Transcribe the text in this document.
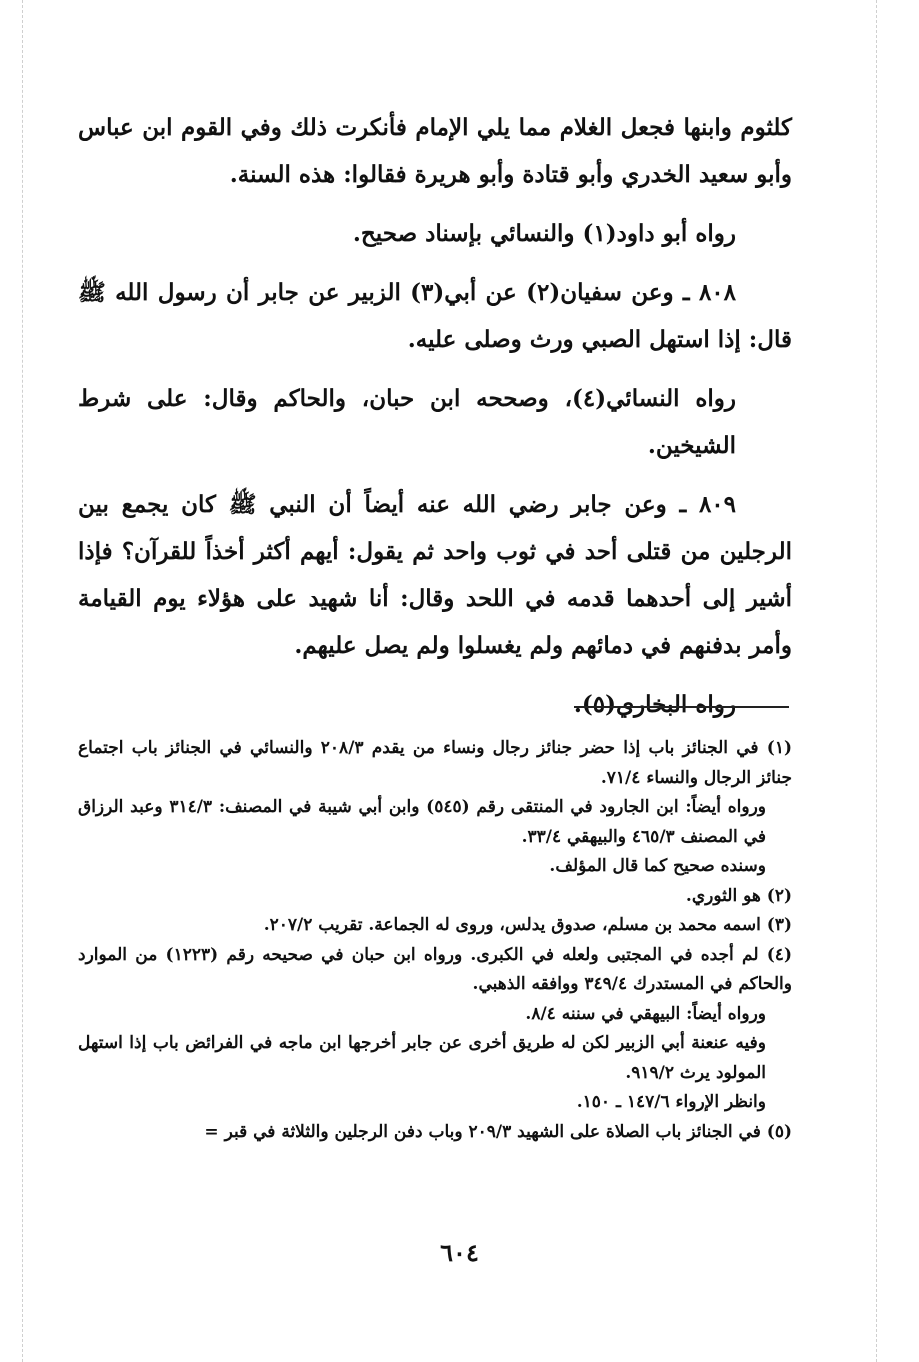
كلثوم وابنها فجعل الغلام مما يلي الإمام فأنكرت ذلك وفي القوم ابن عباس وأبو سعيد الخدري وأبو قتادة وأبو هريرة فقالوا: هذه السنة.

رواه أبو داود(١) والنسائي بإسناد صحيح.

٨٠٨ ـ وعن سفيان(٢) عن أبي(٣) الزبير عن جابر أن رسول الله ﷺ قال: إذا استهل الصبي ورث وصلى عليه.

رواه النسائي(٤)، وصححه ابن حبان، والحاكم وقال: على شرط الشيخين.

٨٠٩ ـ وعن جابر رضي الله عنه أيضاً أن النبي ﷺ كان يجمع بين الرجلين من قتلى أحد في ثوب واحد ثم يقول: أيهم أكثر أخذاً للقرآن؟ فإذا أشير إلى أحدهما قدمه في اللحد وقال: أنا شهيد على هؤلاء يوم القيامة وأمر بدفنهم في دمائهم ولم يغسلوا ولم يصل عليهم.

رواه البخاري(٥).

(١) في الجنائز باب إذا حضر جنائز رجال ونساء من يقدم ٢٠٨/٣ والنسائي في الجنائز باب اجتماع جنائز الرجال والنساء ٧١/٤.

ورواه أيضاً: ابن الجارود في المنتقى رقم (٥٤٥) وابن أبي شيبة في المصنف: ٣١٤/٣ وعبد الرزاق في المصنف ٤٦٥/٣ والبيهقي ٣٣/٤.

وسنده صحيح كما قال المؤلف.

(٢) هو الثوري.

(٣) اسمه محمد بن مسلم، صدوق يدلس، وروى له الجماعة. تقريب ٢٠٧/٢.

(٤) لم أجده في المجتبى ولعله في الكبرى. ورواه ابن حبان في صحيحه رقم (١٢٢٣) من الموارد والحاكم في المستدرك ٣٤٩/٤ ووافقه الذهبي.

ورواه أيضاً: البيهقي في سننه ٨/٤.

وفيه عنعنة أبي الزبير لكن له طريق أخرى عن جابر أخرجها ابن ماجه في الفرائض باب إذا استهل المولود يرث ٩١٩/٢.

وانظر الإرواء ١٤٧/٦ ـ ١٥٠.

(٥) في الجنائز باب الصلاة على الشهيد ٢٠٩/٣ وباب دفن الرجلين والثلاثة في قبر =

٦٠٤
